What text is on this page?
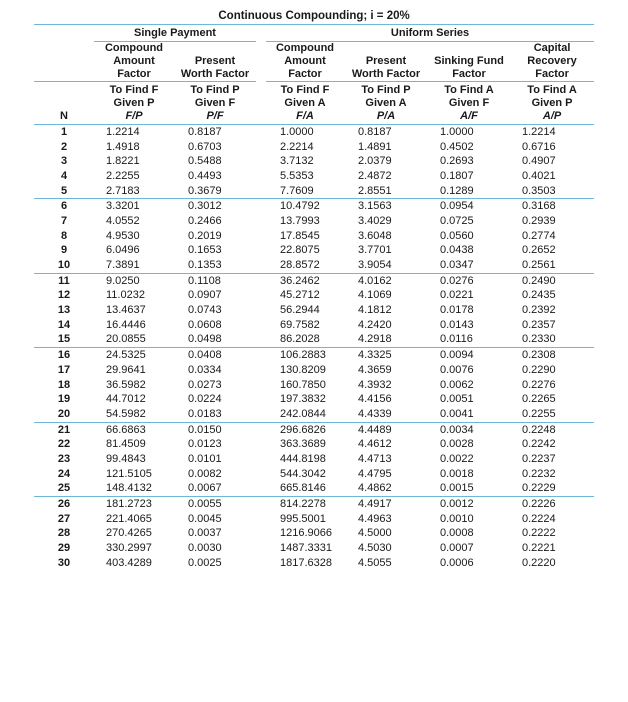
Continuous Compounding; i = 20%							
	Single Payment			Uniform Series			
	Compound			Compound			Capital
	Amount	Present		Amount	Present	Sinking Fund	Recovery
	Factor	Worth Factor		Factor	Worth Factor	Factor	Factor
	To Find F	To Find P		To Find F	To Find P	To Find A	To Find A
	Given P	Given F		Given A	Given A	Given F	Given P
N	F/P	P/F		F/A	P/A	A/F	A/P
1	1.2214	0.8187		1.0000	0.8187	1.0000	1.2214
2	1.4918	0.6703		2.2214	1.4891	0.4502	0.6716
3	1.8221	0.5488		3.7132	2.0379	0.2693	0.4907
4	2.2255	0.4493		5.5353	2.4872	0.1807	0.4021
5	2.7183	0.3679		7.7609	2.8551	0.1289	0.3503
6	3.3201	0.3012		10.4792	3.1563	0.0954	0.3168
7	4.0552	0.2466		13.7993	3.4029	0.0725	0.2939
8	4.9530	0.2019		17.8545	3.6048	0.0560	0.2774
9	6.0496	0.1653		22.8075	3.7701	0.0438	0.2652
10	7.3891	0.1353		28.8572	3.9054	0.0347	0.2561
11	9.0250	0.1108		36.2462	4.0162	0.0276	0.2490
12	11.0232	0.0907		45.2712	4.1069	0.0221	0.2435
13	13.4637	0.0743		56.2944	4.1812	0.0178	0.2392
14	16.4446	0.0608		69.7582	4.2420	0.0143	0.2357
15	20.0855	0.0498		86.2028	4.2918	0.0116	0.2330
16	24.5325	0.0408		106.2883	4.3325	0.0094	0.2308
17	29.9641	0.0334		130.8209	4.3659	0.0076	0.2290
18	36.5982	0.0273		160.7850	4.3932	0.0062	0.2276
19	44.7012	0.0224		197.3832	4.4156	0.0051	0.2265
20	54.5982	0.0183		242.0844	4.4339	0.0041	0.2255
21	66.6863	0.0150		296.6826	4.4489	0.0034	0.2248
22	81.4509	0.0123		363.3689	4.4612	0.0028	0.2242
23	99.4843	0.0101		444.8198	4.4713	0.0022	0.2237
24	121.5105	0.0082		544.3042	4.4795	0.0018	0.2232
25	148.4132	0.0067		665.8146	4.4862	0.0015	0.2229
26	181.2723	0.0055		814.2278	4.4917	0.0012	0.2226
27	221.4065	0.0045		995.5001	4.4963	0.0010	0.2224
28	270.4265	0.0037		1216.9066	4.5000	0.0008	0.2222
29	330.2997	0.0030		1487.3331	4.5030	0.0007	0.2221
30	403.4289	0.0025		1817.6328	4.5055	0.0006	0.2220
